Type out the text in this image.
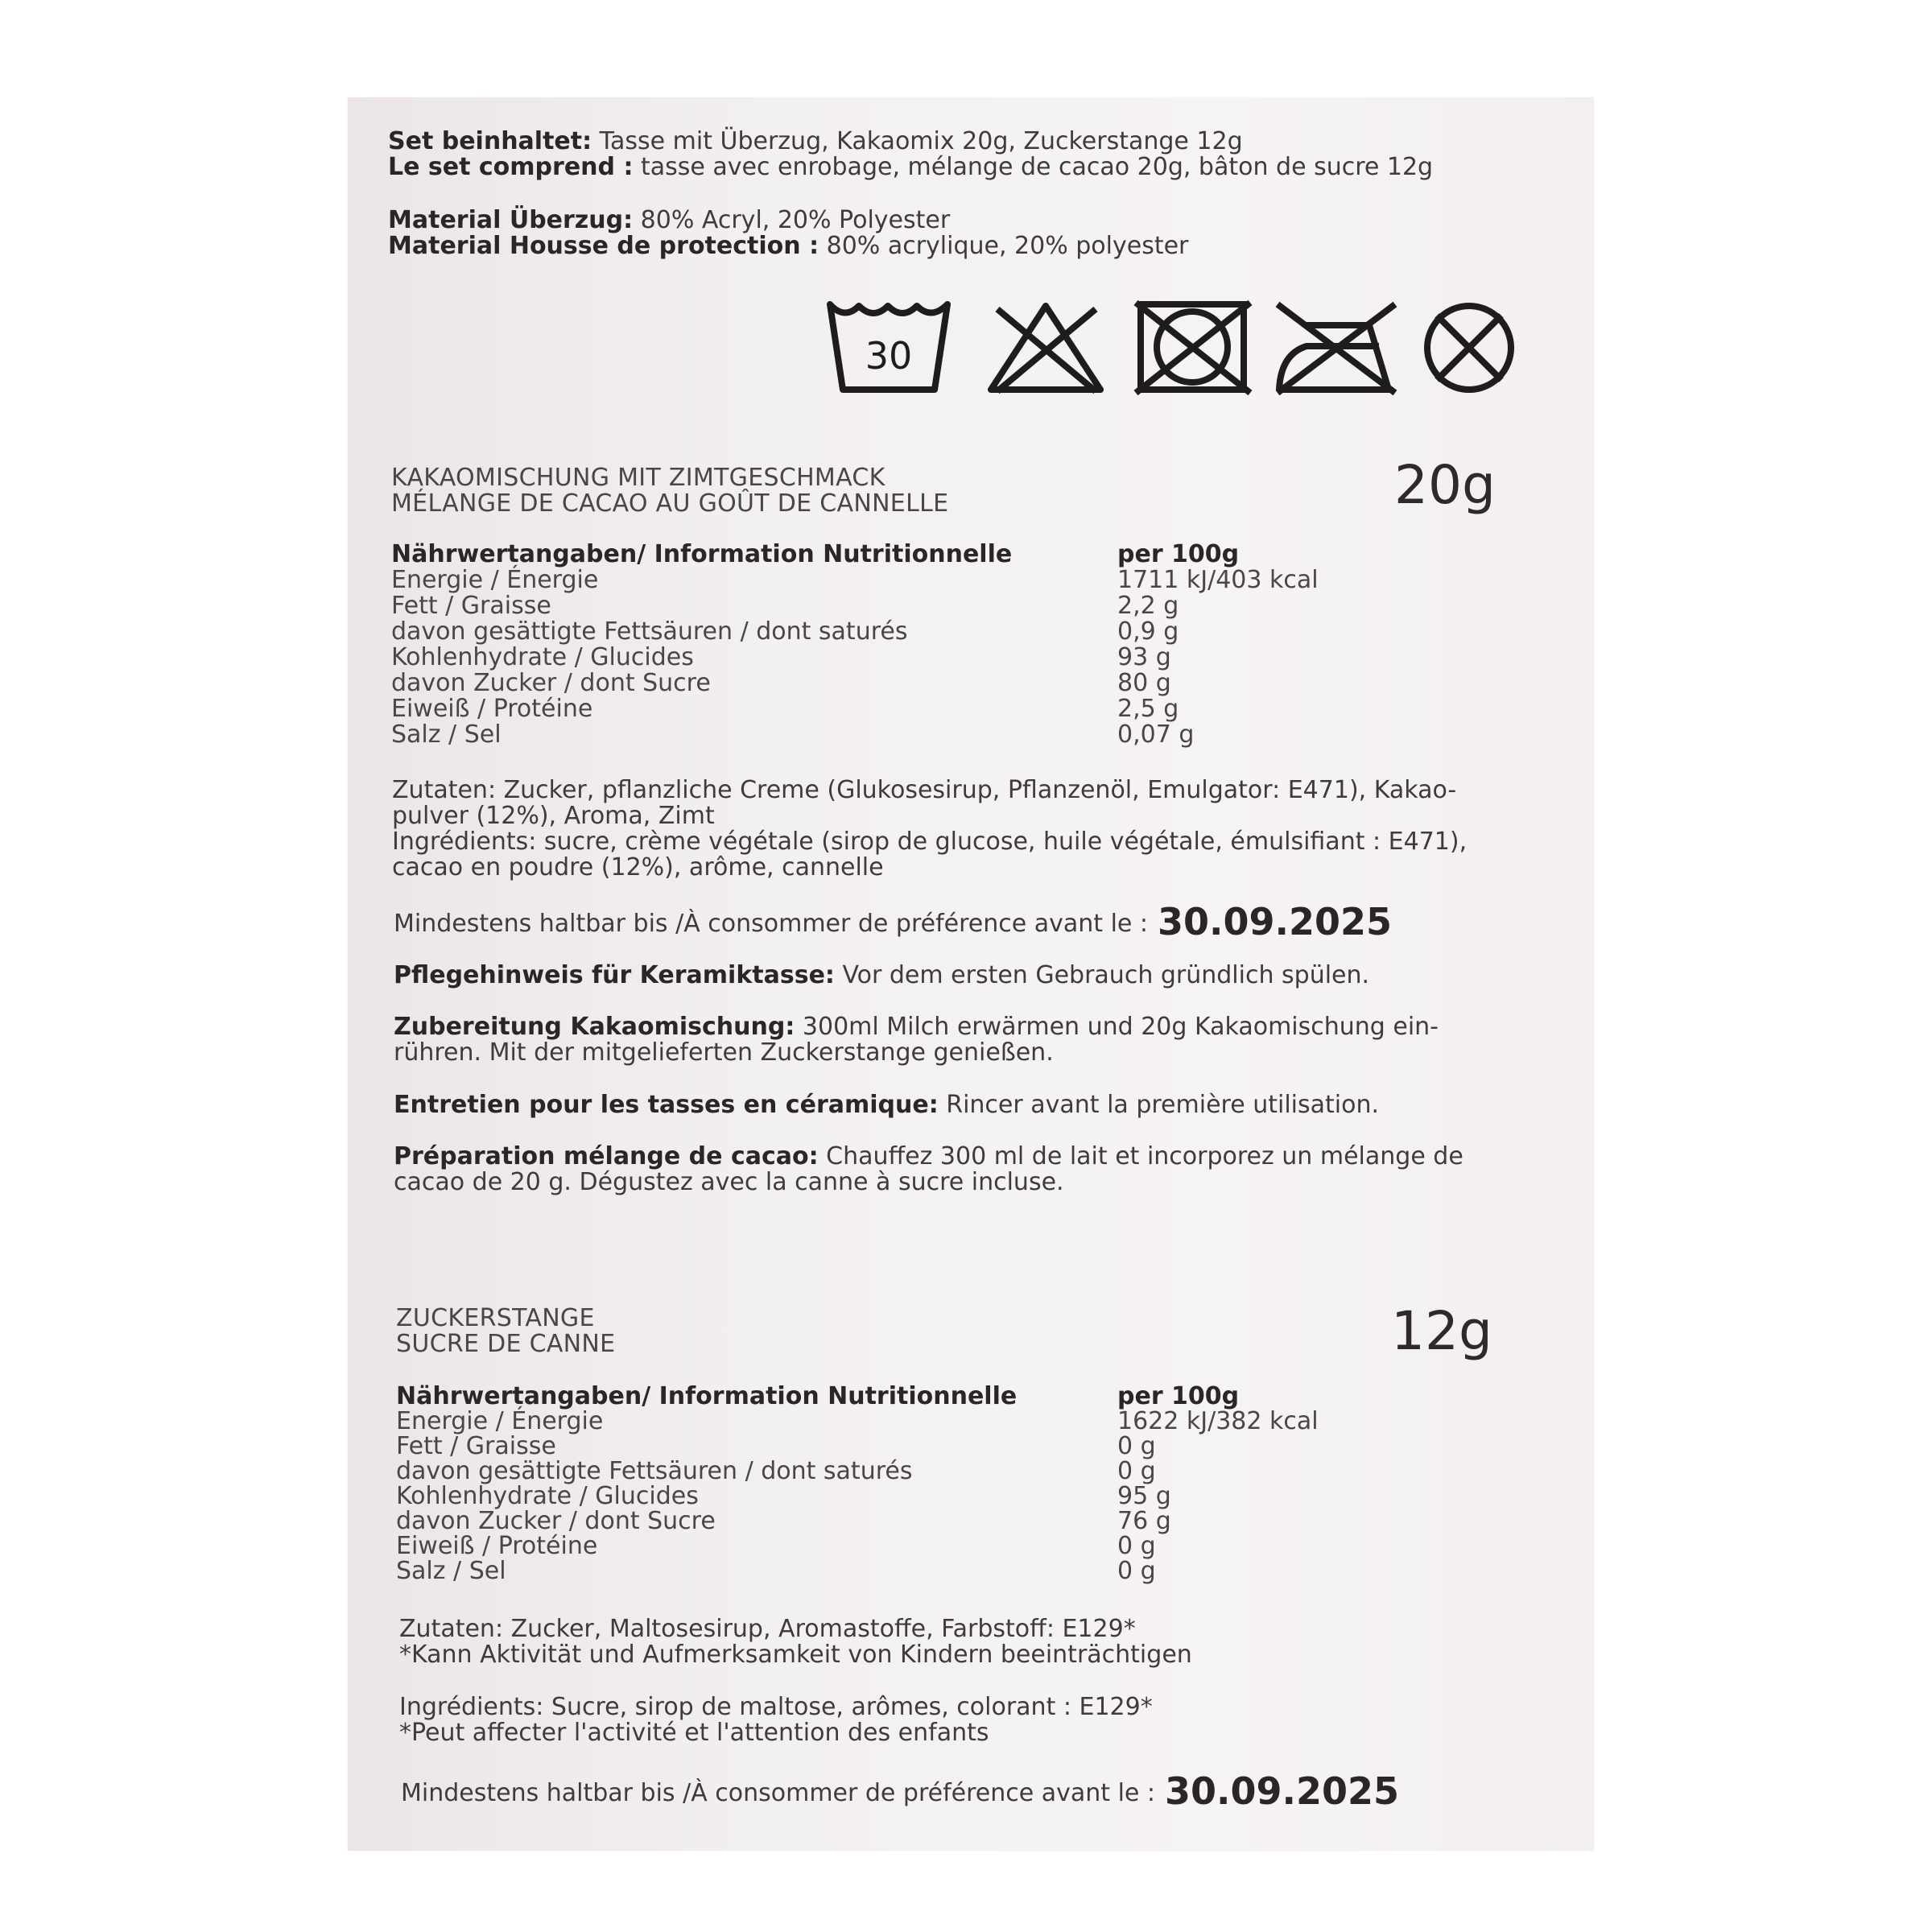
Set beinhaltet: Tasse mit Überzug, Kakaomix 20g, Zuckerstange 12g
Le set comprend : tasse avec enrobage, mélange de cacao 20g, bâton de sucre 12g
Material Überzug: 80% Acryl, 20% Polyester
Material Housse de protection : 80% acrylique, 20% polyester
KAKAOMISCHUNG MIT ZIMTGESCHMACK
MÉLANGE DE CACAO AU GOÛT DE CANNELLE	20g
Nährwertangaben/ Information Nutritionnelle	per 100g
Energie / Énergie	1711 kJ/403 kcal
Fett / Graisse	2,2 g
davon gesättigte Fettsäuren / dont saturés	0,9 g
Kohlenhydrate / Glucides	93 g
davon Zucker / dont Sucre	80 g
Eiweiß / Protéine	2,5 g
Salz / Sel	0,07 g
Zutaten: Zucker, pflanzliche Creme (Glukosesirup, Pflanzenöl, Emulgator: E471), Kakao-
pulver (12%), Aroma, Zimt
Ingrédients: sucre, crème végétale (sirop de glucose, huile végétale, émulsifiant : E471),
cacao en poudre (12%), arôme, cannelle
Mindestens haltbar bis /À consommer de préférence avant le : 30.09.2025
Pflegehinweis für Keramiktasse: Vor dem ersten Gebrauch gründlich spülen.
Zubereitung Kakaomischung: 300ml Milch erwärmen und 20g Kakaomischung ein-
rühren. Mit der mitgelieferten Zuckerstange genießen.
Entretien pour les tasses en céramique: Rincer avant la première utilisation.
Préparation mélange de cacao: Chauffez 300 ml de lait et incorporez un mélange de
cacao de 20 g. Dégustez avec la canne à sucre incluse.
ZUCKERSTANGE
SUCRE DE CANNE	12g
Nährwertangaben/ Information Nutritionnelle	per 100g
Energie / Énergie	1622 kJ/382 kcal
Fett / Graisse	0 g
davon gesättigte Fettsäuren / dont saturés	0 g
Kohlenhydrate / Glucides	95 g
davon Zucker / dont Sucre	76 g
Eiweiß / Protéine	0 g
Salz / Sel	0 g
Zutaten: Zucker, Maltosesirup, Aromastoffe, Farbstoff: E129*
*Kann Aktivität und Aufmerksamkeit von Kindern beeinträchtigen
Ingrédients: Sucre, sirop de maltose, arômes, colorant : E129*
*Peut affecter l'activité et l'attention des enfants
Mindestens haltbar bis /À consommer de préférence avant le : 30.09.2025
30
